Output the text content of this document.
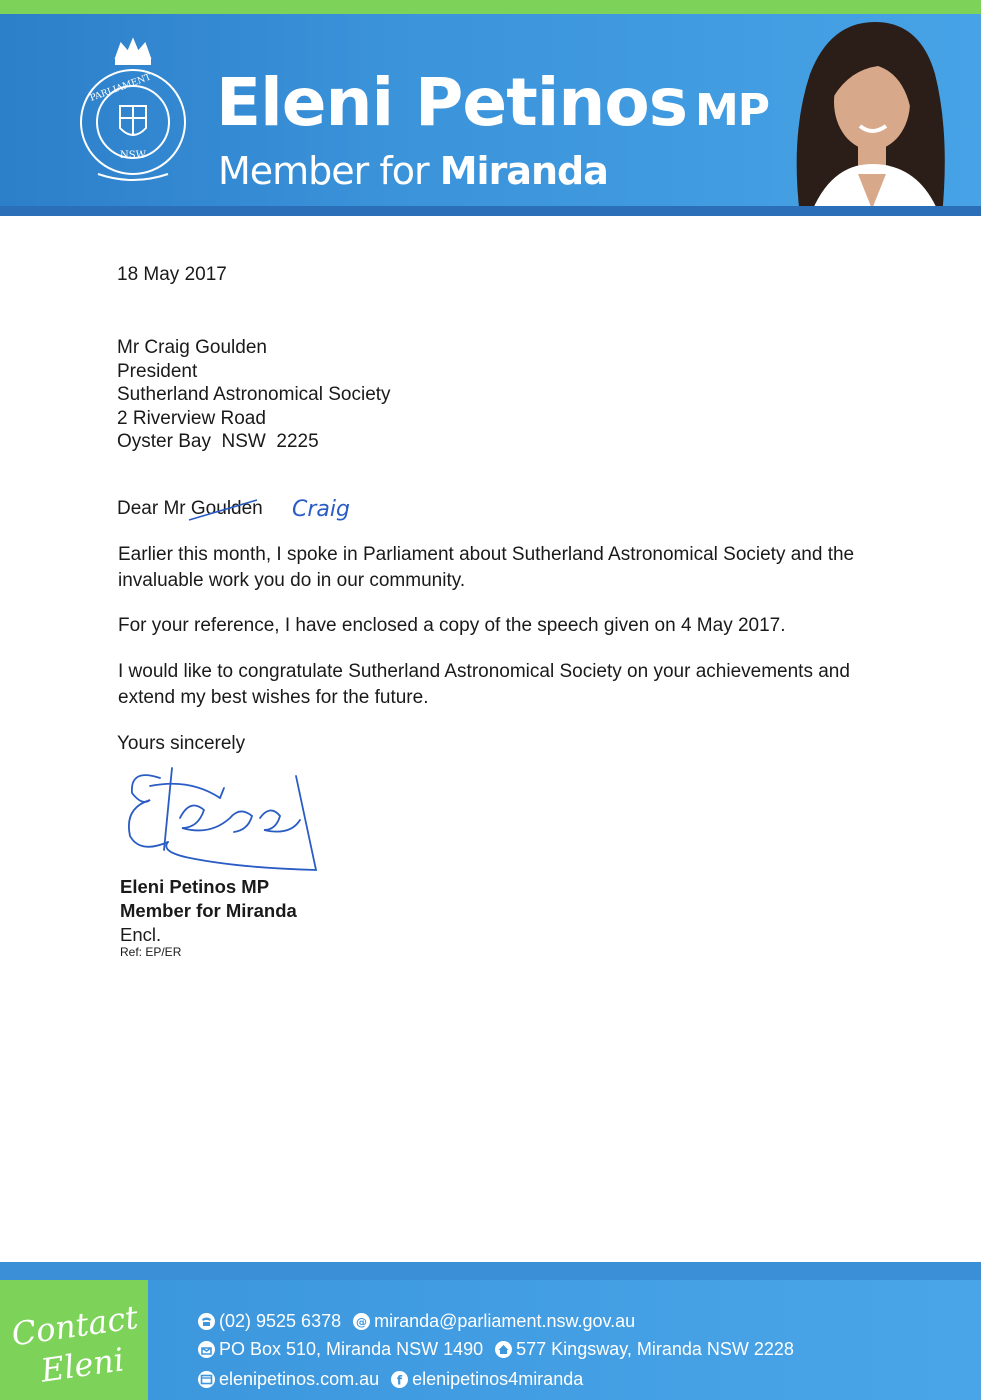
PARLIAMENT
NSW
Eleni Petinos MP

Member for Miranda

18 May 2017
Mr Craig Goulden
President
Sutherland Astronomical Society
2 Riverview Road
Oyster Bay  NSW  2225
Dear Mr Goulden Craig

Earlier this month, I spoke in Parliament about Sutherland Astronomical Society and the invaluable work you do in our community.

For your reference, I have enclosed a copy of the speech given on 4 May 2017.

I would like to congratulate Sutherland Astronomical Society on your achievements and extend my best wishes for the future.

Yours sincerely
Eleni Petinos MP
Member for Miranda
Encl.
Ref: EP/ER
Contact
Eleni
(02) 9525 6378 @ miranda@parliament.nsw.gov.au
PO Box 510, Miranda NSW 1490 577 Kingsway, Miranda NSW 2228
elenipetinos.com.au f elenipetinos4miranda
